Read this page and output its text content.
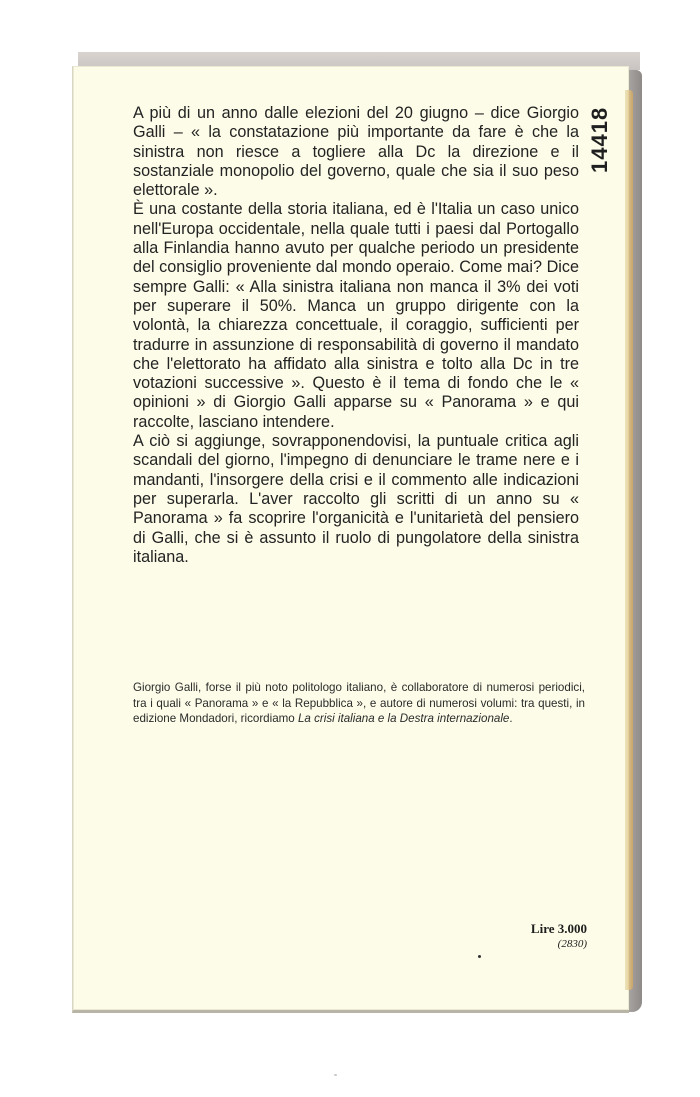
A più di un anno dalle elezioni del 20 giugno – dice Giorgio Galli – « la constatazione più importante da fare è che la sinistra non riesce a togliere alla Dc la direzione e il sostanziale monopolio del governo, quale che sia il suo peso elettorale ».

È una costante della storia italiana, ed è l'Italia un caso unico nell'Europa occidentale, nella quale tutti i paesi dal Portogallo alla Finlandia hanno avuto per qualche periodo un presidente del consiglio proveniente dal mondo operaio. Come mai? Dice sempre Galli: « Alla sinistra italiana non manca il 3% dei voti per superare il 50%. Manca un gruppo dirigente con la volontà, la chiarezza concettuale, il coraggio, sufficienti per tradurre in assunzione di responsabilità di governo il mandato che l'elettorato ha affidato alla sinistra e tolto alla Dc in tre votazioni successive ». Questo è il tema di fondo che le « opinioni » di Giorgio Galli apparse su « Panorama » e qui raccolte, lasciano intendere.

A ciò si aggiunge, sovrapponendovisi, la puntuale critica agli scandali del giorno, l'impegno di denunciare le trame nere e i mandanti, l'insorgere della crisi e il commento alle indicazioni per superarla. L'aver raccolto gli scritti di un anno su « Panorama » fa scoprire l'organicità e l'unitarietà del pensiero di Galli, che si è assunto il ruolo di pungolatore della sinistra italiana.

14418

Giorgio Galli, forse il più noto politologo italiano, è collaboratore di numerosi periodici, tra i quali « Panorama » e « la Repubblica », e autore di numerosi volumi: tra questi, in edizione Mondadori, ricordiamo La crisi italiana e la Destra internazionale.

Lire 3.000
(2830)
